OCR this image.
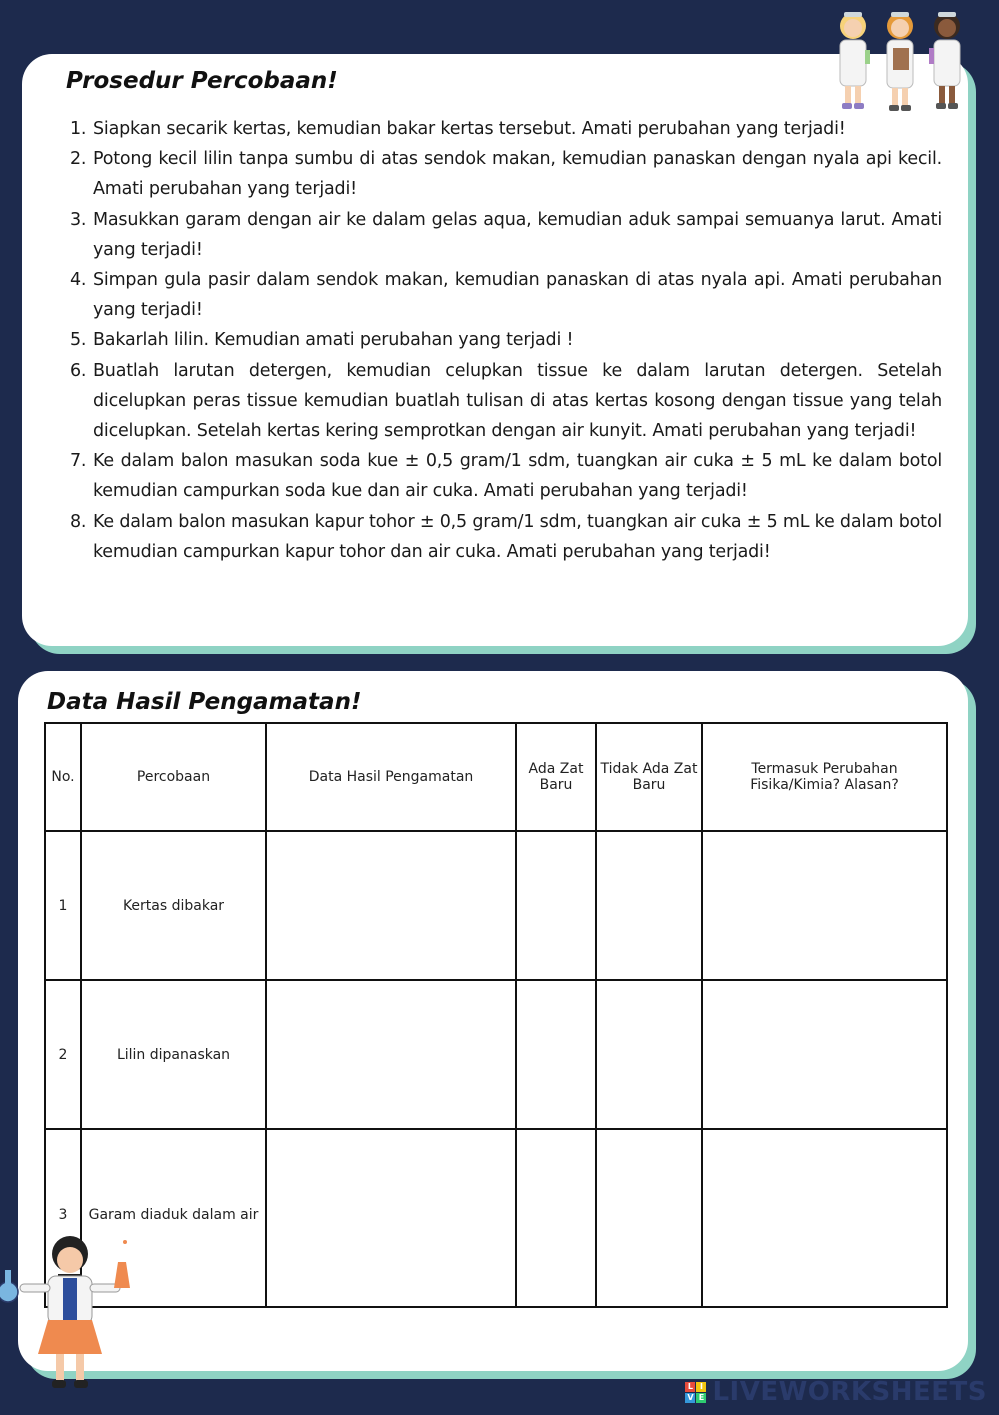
Prosedur Percobaan!
1. Siapkan secarik kertas, kemudian bakar kertas tersebut. Amati perubahan yang terjadi!
2. Potong kecil lilin tanpa sumbu di atas sendok makan, kemudian panaskan dengan nyala api kecil. Amati perubahan yang terjadi!
3. Masukkan garam dengan air ke dalam gelas aqua, kemudian aduk sampai semuanya larut. Amati yang terjadi!
4. Simpan gula pasir dalam sendok makan, kemudian panaskan di atas nyala api. Amati perubahan yang terjadi!
5. Bakarlah lilin. Kemudian amati perubahan yang terjadi !
6. Buatlah larutan detergen, kemudian celupkan tissue ke dalam larutan detergen. Setelah dicelupkan peras tissue kemudian buatlah tulisan di atas kertas kosong dengan tissue yang telah dicelupkan. Setelah kertas kering semprotkan dengan air kunyit. Amati perubahan yang terjadi!
7. Ke dalam balon masukan soda kue ± 0,5 gram/1 sdm, tuangkan air cuka ± 5 mL ke dalam botol kemudian campurkan soda kue dan air cuka. Amati perubahan yang terjadi!
8. Ke dalam balon masukan kapur tohor ± 0,5 gram/1 sdm, tuangkan air cuka ± 5 mL ke dalam botol kemudian campurkan kapur tohor dan air cuka. Amati perubahan yang terjadi!
Data Hasil Pengamatan!
No.	Percobaan	Data Hasil Pengamatan	Ada Zat Baru	Tidak Ada Zat Baru	Termasuk Perubahan Fisika/Kimia? Alasan?
1	Kertas dibakar				
2	Lilin dipanaskan				
3	Garam diaduk dalam air				
L I
V E LIVEWORKSHEETS
